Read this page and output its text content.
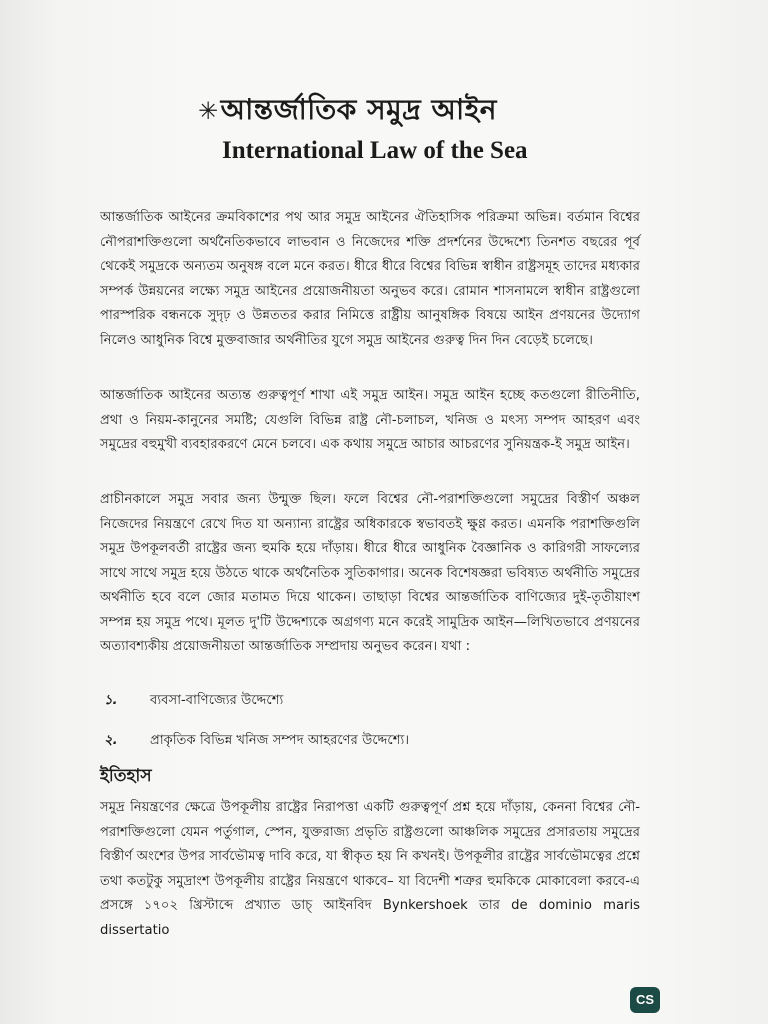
✳আন্তর্জাতিক সমুদ্র আইন
International Law of the Sea

আন্তর্জাতিক আইনের ক্রমবিকাশের পথ আর সমুদ্র আইনের ঐতিহাসিক পরিক্রমা অভিন্ন। বর্তমান বিশ্বের নৌপরাশক্তিগুলো অর্থনৈতিকভাবে লাভবান ও নিজেদের শক্তি প্রদর্শনের উদ্দেশ্যে তিনশত বছরের পূর্ব থেকেই সমুদ্রকে অন্যতম অনুষঙ্গ বলে মনে করত। ধীরে ধীরে বিশ্বের বিভিন্ন স্বাধীন রাষ্ট্রসমূহ তাদের মধ্যকার সম্পর্ক উন্নয়নের লক্ষ্যে সমুদ্র আইনের প্রয়োজনীয়তা অনুভব করে। রোমান শাসনামলে স্বাধীন রাষ্ট্রগুলো পারস্পরিক বন্ধনকে সুদৃঢ় ও উন্নততর করার নিমিত্তে রাষ্ট্রীয় আনুষঙ্গিক বিষয়ে আইন প্রণয়নের উদ্যোগ নিলেও আধুনিক বিশ্বে মুক্তবাজার অর্থনীতির যুগে সমুদ্র আইনের গুরুত্ব দিন দিন বেড়েই চলেছে।

আন্তর্জাতিক আইনের অত্যন্ত গুরুত্বপূর্ণ শাখা এই সমুদ্র আইন। সমুদ্র আইন হচ্ছে কতগুলো রীতিনীতি, প্রথা ও নিয়ম-কানুনের সমষ্টি; যেগুলি বিভিন্ন রাষ্ট্র নৌ-চলাচল, খনিজ ও মৎস্য সম্পদ আহরণ এবং সমুদ্রের বহুমুখী ব্যবহারকরণে মেনে চলবে। এক কথায় সমুদ্রে আচার আচরণের সুনিয়ন্ত্রক-ই সমুদ্র আইন।

প্রাচীনকালে সমুদ্র সবার জন্য উন্মুক্ত ছিল। ফলে বিশ্বের নৌ-পরাশক্তিগুলো সমুদ্রের বিস্তীর্ণ অঞ্চল নিজেদের নিয়ন্ত্রণে রেখে দিত যা অন্যান্য রাষ্ট্রের অধিকারকে স্বভাবতই ক্ষুণ্ণ করত। এমনকি পরাশক্তিগুলি সমুদ্র উপকূলবর্তী রাষ্ট্রের জন্য হুমকি হয়ে দাঁড়ায়। ধীরে ধীরে আধুনিক বৈজ্ঞানিক ও কারিগরী সাফল্যের সাথে সাথে সমুদ্র হয়ে উঠতে থাকে অর্থনৈতিক সুতিকাগার। অনেক বিশেষজ্ঞরা ভবিষ্যত অর্থনীতি সমুদ্রের অর্থনীতি হবে বলে জোর মতামত দিয়ে থাকেন। তাছাড়া বিশ্বের আন্তর্জাতিক বাণিজ্যের দুই-তৃতীয়াংশ সম্পন্ন হয় সমুদ্র পথে। মূলত দু'টি উদ্দেশ্যকে অগ্রগণ্য মনে করেই সামুদ্রিক আইন—লিখিতভাবে প্রণয়নের অত্যাবশ্যকীয় প্রয়োজনীয়তা আন্তর্জাতিক সম্প্রদায় অনুভব করেন। যথা :

১. ব্যবসা-বাণিজ্যের উদ্দেশ্যে
২. প্রাকৃতিক বিভিন্ন খনিজ সম্পদ আহরণের উদ্দেশ্যে।
ইতিহাস

সমুদ্র নিয়ন্ত্রণের ক্ষেত্রে উপকূলীয় রাষ্ট্রের নিরাপত্তা একটি গুরুত্বপূর্ণ প্রশ্ন হয়ে দাঁড়ায়, কেননা বিশ্বের নৌ-পরাশক্তিগুলো যেমন পর্তুগাল, স্পেন, যুক্তরাজ্য প্রভৃতি রাষ্ট্রগুলো আঞ্চলিক সমুদ্রের প্রসারতায় সমুদ্রের বিস্তীর্ণ অংশের উপর সার্বভৌমত্ব দাবি করে, যা স্বীকৃত হয় নি কখনই। উপকূলীর রাষ্ট্রের সার্বভৌমত্বের প্রশ্নে তথা কতটুকু সমুদ্রাংশ উপকূলীয় রাষ্ট্রের নিয়ন্ত্রণে থাকবে– যা বিদেশী শত্রুর হুমকিকে মোকাবেলা করবে-এ প্রসঙ্গে ১৭০২ খ্রিস্টাব্দে প্রখ্যাত ডাচ্ আইনবিদ Bynkershoek তার de dominio maris dissertatio

CS
